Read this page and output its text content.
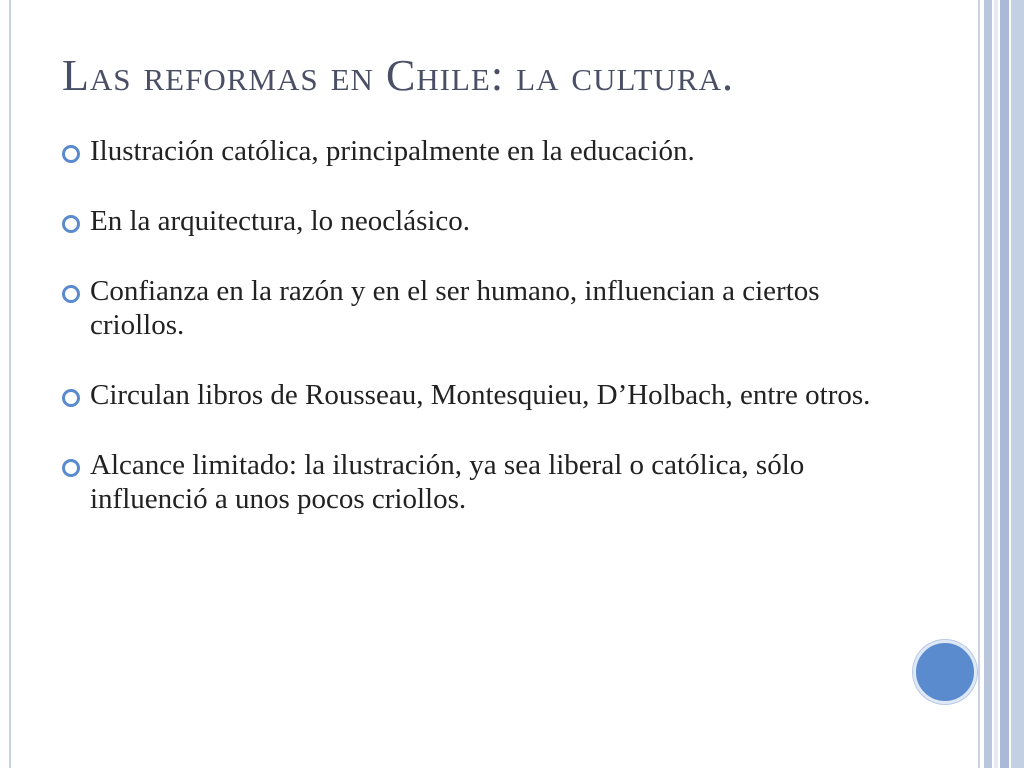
Las reformas en Chile: la cultura.
Ilustración católica, principalmente en la educación.
En la arquitectura, lo neoclásico.
Confianza en la razón y en el ser humano, influencian a ciertos criollos.
Circulan libros de Rousseau, Montesquieu, D’Holbach, entre otros.
Alcance limitado: la ilustración, ya sea liberal o católica, sólo influenció a unos pocos criollos.
